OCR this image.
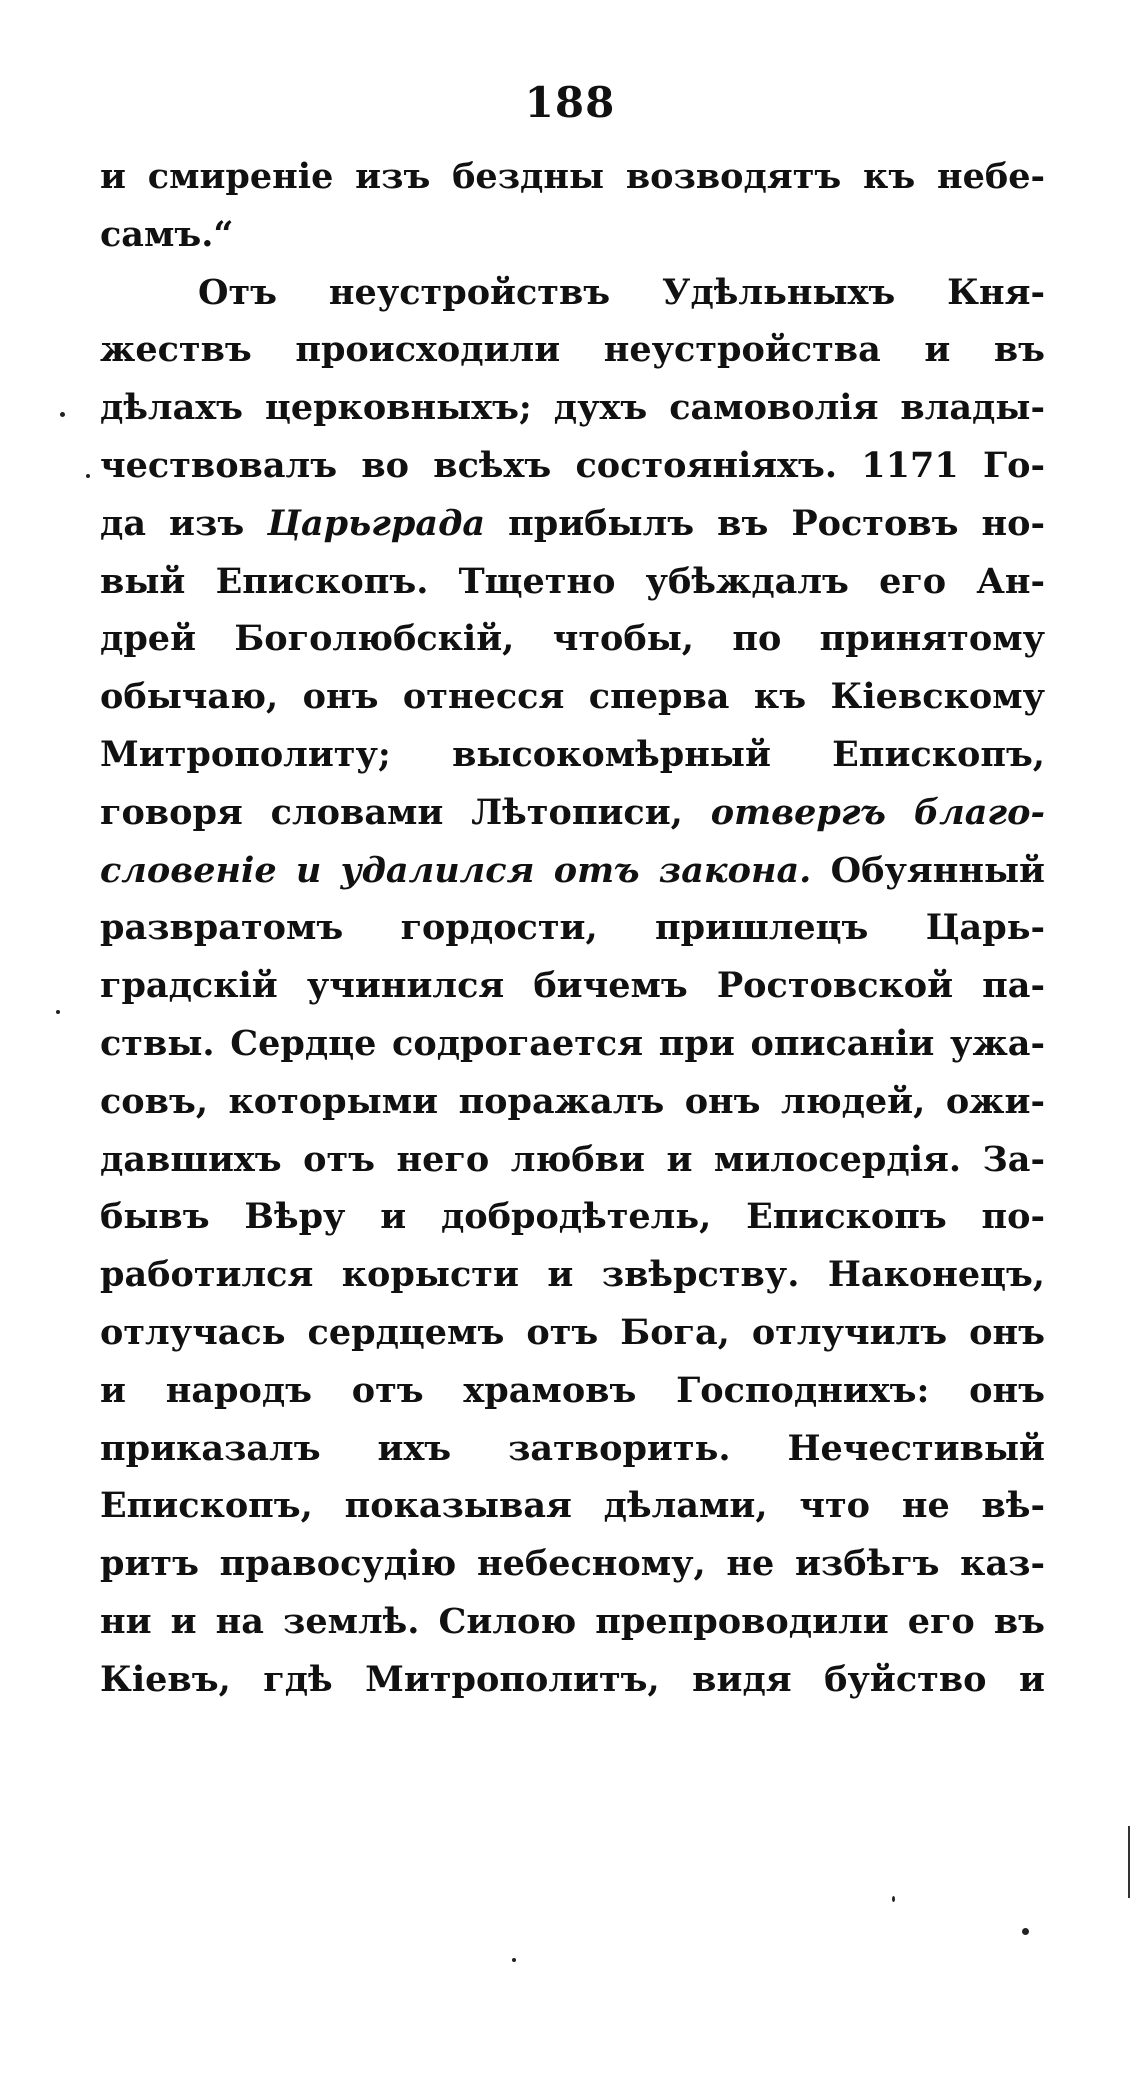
188
и смиреніе изъ бездны возводятъ къ небе-
самъ.“
Отъ неустройствъ Удѣльныхъ Кня-
жествъ происходили неустройства и въ
дѣлахъ церковныхъ; духъ самоволія влады-
чествовалъ во всѣхъ состояніяхъ. 1171 Го-
да изъ Царьграда прибылъ въ Ростовъ но-
вый Епископъ. Тщетно убѣждалъ его Ан-
дрей Боголюбскій, чтобы, по принятому
обычаю, онъ отнесся сперва къ Кіевскому
Митрополиту; высокомѣрный Епископъ,
говоря словами Лѣтописи, отвергъ благо-
словеніе и удалился отъ закона. Обуянный
развратомъ гордости, пришлецъ Царь-
градскій учинился бичемъ Ростовской па-
ствы. Сердце содрогается при описаніи ужа-
совъ, которыми поражалъ онъ людей, ожи-
давшихъ отъ него любви и милосердія. За-
бывъ Вѣру и добродѣтель, Епископъ по-
работился корысти и звѣрству. Наконецъ,
отлучась сердцемъ отъ Бога, отлучилъ онъ
и народъ отъ храмовъ Господнихъ: онъ
приказалъ ихъ затворить. Нечестивый
Епископъ, показывая дѣлами, что не вѣ-
ритъ правосудію небесному, не избѣгъ каз-
ни и на землѣ. Силою препроводили его въ
Кіевъ, гдѣ Митрополитъ, видя буйство и
